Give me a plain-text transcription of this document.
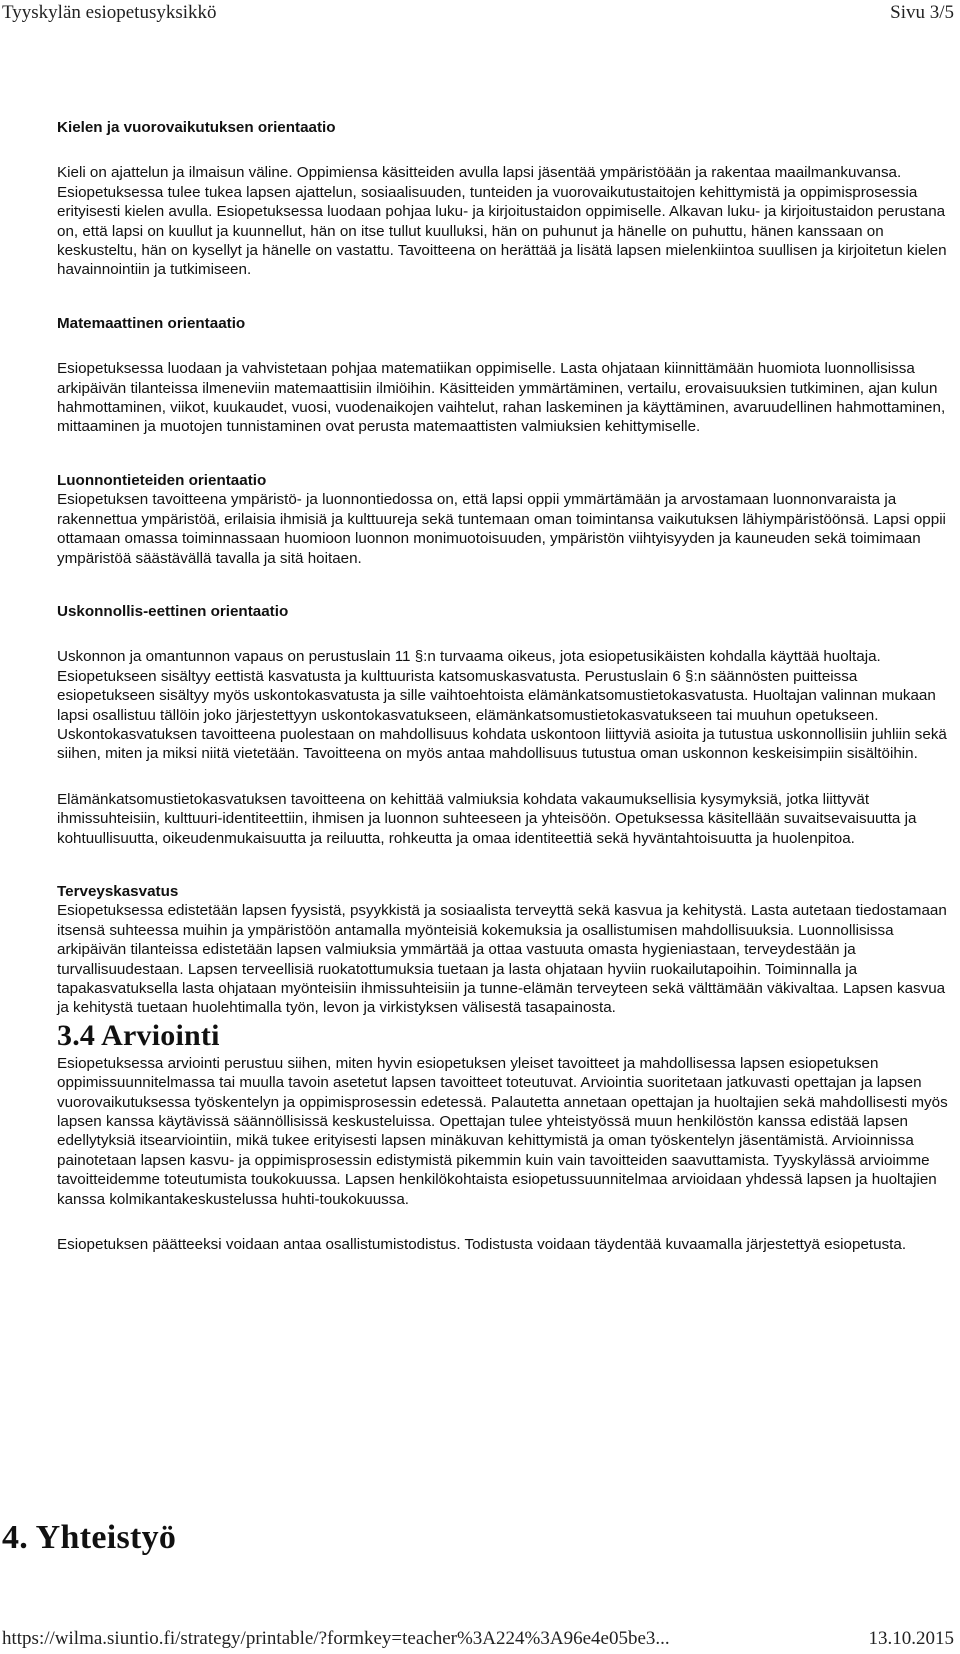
Tyyskylän esiopetusyksikkö	Sivu 3/5

Kielen ja vuorovaikutuksen orientaatio

Kieli on ajattelun ja ilmaisun väline. Oppimiensa käsitteiden avulla lapsi jäsentää ympäristöään ja rakentaa maailmankuvansa. Esiopetuksessa tulee tukea lapsen ajattelun, sosiaalisuuden, tunteiden ja vuorovaikutustaitojen kehittymistä ja oppimisprosessia erityisesti kielen avulla. Esiopetuksessa luodaan pohjaa luku- ja kirjoitustaidon oppimiselle. Alkavan luku- ja kirjoitustaidon perustana on, että lapsi on kuullut ja kuunnellut, hän on itse tullut kuulluksi, hän on puhunut ja hänelle on puhuttu, hänen kanssaan on keskusteltu, hän on kysellyt ja hänelle on vastattu. Tavoitteena on herättää ja lisätä lapsen mielenkiintoa suullisen ja kirjoitetun kielen havainnointiin ja tutkimiseen.

Matemaattinen orientaatio

Esiopetuksessa luodaan ja vahvistetaan pohjaa matematiikan oppimiselle. Lasta ohjataan kiinnittämään huomiota luonnollisissa arkipäivän tilanteissa ilmeneviin matemaattisiin ilmiöihin. Käsitteiden ymmärtäminen, vertailu, erovaisuuksien tutkiminen, ajan kulun hahmottaminen, viikot, kuukaudet, vuosi, vuodenaikojen vaihtelut, rahan laskeminen ja käyttäminen, avaruudellinen hahmottaminen, mittaaminen ja muotojen tunnistaminen ovat perusta matemaattisten valmiuksien kehittymiselle.

Luonnontieteiden orientaatio

Esiopetuksen tavoitteena ympäristö- ja luonnontiedossa on, että lapsi oppii ymmärtämään ja arvostamaan luonnonvaraista ja rakennettua ympäristöä, erilaisia ihmisiä ja kulttuureja sekä tuntemaan oman toimintansa vaikutuksen lähiympäristöönsä. Lapsi oppii ottamaan omassa toiminnassaan huomioon luonnon monimuotoisuuden, ympäristön viihtyisyyden ja kauneuden sekä toimimaan ympäristöä säästävällä tavalla ja sitä hoitaen.

Uskonnollis-eettinen orientaatio

Uskonnon ja omantunnon vapaus on perustuslain 11 §:n turvaama oikeus, jota esiopetusikäisten kohdalla käyttää huoltaja. Esiopetukseen sisältyy eettistä kasvatusta ja kulttuurista katsomuskasvatusta. Perustuslain 6 §:n säännösten puitteissa esiopetukseen sisältyy myös uskontokasvatusta ja sille vaihtoehtoista elämänkatsomustietokasvatusta. Huoltajan valinnan mukaan lapsi osallistuu tällöin joko järjestettyyn uskontokasvatukseen, elämänkatsomustietokasvatukseen tai muuhun opetukseen. Uskontokasvatuksen tavoitteena puolestaan on mahdollisuus kohdata uskontoon liittyviä asioita ja tutustua uskonnollisiin juhliin sekä siihen, miten ja miksi niitä vietetään. Tavoitteena on myös antaa mahdollisuus tutustua oman uskonnon keskeisimpiin sisältöihin.

Elämänkatsomustietokasvatuksen tavoitteena on kehittää valmiuksia kohdata vakaumuksellisia kysymyksiä, jotka liittyvät ihmissuhteisiin, kulttuuri-identiteettiin, ihmisen ja luonnon suhteeseen ja yhteisöön. Opetuksessa käsitellään suvaitsevaisuutta ja kohtuullisuutta, oikeudenmukaisuutta ja reiluutta, rohkeutta ja omaa identiteettiä sekä hyväntahtoisuutta ja huolenpitoa.

Terveyskasvatus

Esiopetuksessa edistetään lapsen fyysistä, psyykkistä ja sosiaalista terveyttä sekä kasvua ja kehitystä. Lasta autetaan tiedostamaan itsensä suhteessa muihin ja ympäristöön antamalla myönteisiä kokemuksia ja osallistumisen mahdollisuuksia. Luonnollisissa arkipäivän tilanteissa edistetään lapsen valmiuksia ymmärtää ja ottaa vastuuta omasta hygieniastaan, terveydestään ja turvallisuudestaan. Lapsen terveellisiä ruokatottumuksia tuetaan ja lasta ohjataan hyviin ruokailutapoihin. Toiminnalla ja tapakasvatuksella lasta ohjataan myönteisiin ihmissuhteisiin ja tunne-elämän terveyteen sekä välttämään väkivaltaa. Lapsen kasvua ja kehitystä tuetaan huolehtimalla työn, levon ja virkistyksen välisestä tasapainosta.

3.4 Arviointi

Esiopetuksessa arviointi perustuu siihen, miten hyvin esiopetuksen yleiset tavoitteet ja mahdollisessa lapsen esiopetuksen oppimissuunnitelmassa tai muulla tavoin asetetut lapsen tavoitteet toteutuvat. Arviointia suoritetaan jatkuvasti opettajan ja lapsen vuorovaikutuksessa työskentelyn ja oppimisprosessin edetessä. Palautetta annetaan opettajan ja huoltajien sekä mahdollisesti myös lapsen kanssa käytävissä säännöllisissä keskusteluissa. Opettajan tulee yhteistyössä muun henkilöstön kanssa edistää lapsen edellytyksiä itsearviointiin, mikä tukee erityisesti lapsen minäkuvan kehittymistä ja oman työskentelyn jäsentämistä. Arvioinnissa painotetaan lapsen kasvu- ja oppimisprosessin edistymistä pikemmin kuin vain tavoitteiden saavuttamista. Tyyskylässä arvioimme tavoitteidemme toteutumista toukokuussa. Lapsen henkilökohtaista esiopetussuunnitelmaa arvioidaan yhdessä lapsen ja huoltajien kanssa kolmikantakeskustelussa huhti-toukokuussa.

Esiopetuksen päätteeksi voidaan antaa osallistumistodistus. Todistusta voidaan täydentää kuvaamalla järjestettyä esiopetusta.

4. Yhteistyö
https://wilma.siuntio.fi/strategy/printable/?formkey=teacher%3A224%3A96e4e05be3...	13.10.2015
